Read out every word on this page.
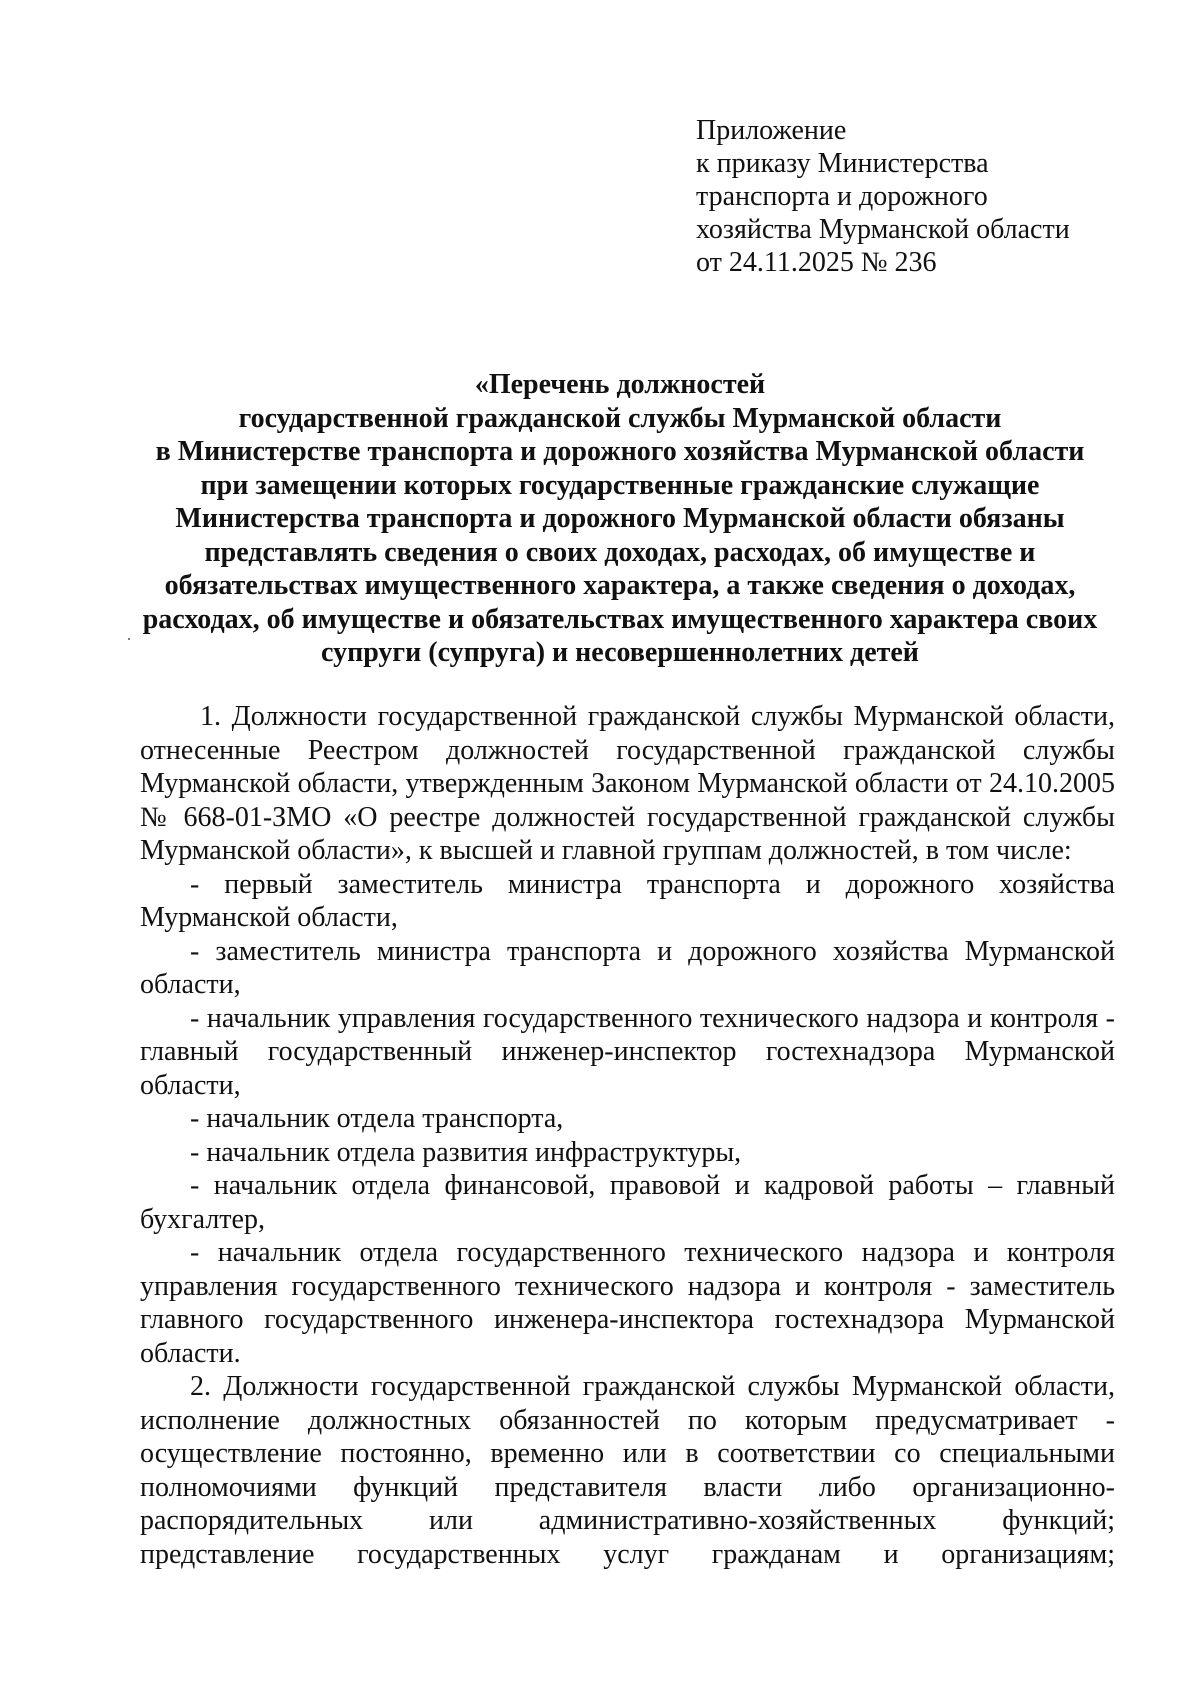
Приложение
к приказу Министерства
транспорта и дорожного
хозяйства Мурманской области
от 24.11.2025 № 236
«Перечень должностей
государственной гражданской службы Мурманской области
в Министерстве транспорта и дорожного хозяйства Мурманской области
при замещении которых государственные гражданские служащие
Министерства транспорта и дорожного Мурманской области обязаны
представлять сведения о своих доходах, расходах, об имуществе и
обязательствах имущественного характера, а также сведения о доходах,
расходах, об имуществе и обязательствах имущественного характера своих
супруги (супруга) и несовершеннолетних детей

1. Должности государственной гражданской службы Мурманской области, отнесенные Реестром должностей государственной гражданской службы Мурманской области, утвержденным Законом Мурманской области от 24.10.2005 № 668-01-ЗМО «О реестре должностей государственной гражданской службы Мурманской области», к высшей и главной группам должностей, в том числе:

- первый заместитель министра транспорта и дорожного хозяйства Мурманской области,

- заместитель министра транспорта и дорожного хозяйства Мурманской области,

- начальник управления государственного технического надзора и контроля - главный государственный инженер-инспектор гостехнадзора Мурманской области,

- начальник отдела транспорта,

- начальник отдела развития инфраструктуры,

- начальник отдела финансовой, правовой и кадровой работы – главный бухгалтер,

- начальник отдела государственного технического надзора и контроля управления государственного технического надзора и контроля - заместитель главного государственного инженера-инспектора гостехнадзора Мурманской области.

2. Должности государственной гражданской службы Мурманской области, исполнение должностных обязанностей по которым предусматривает - осуществление постоянно, временно или в соответствии со специальными полномочиями функций представителя власти либо организационно-распорядительных или административно-хозяйственных функций; представление государственных услуг гражданам и организациям;
